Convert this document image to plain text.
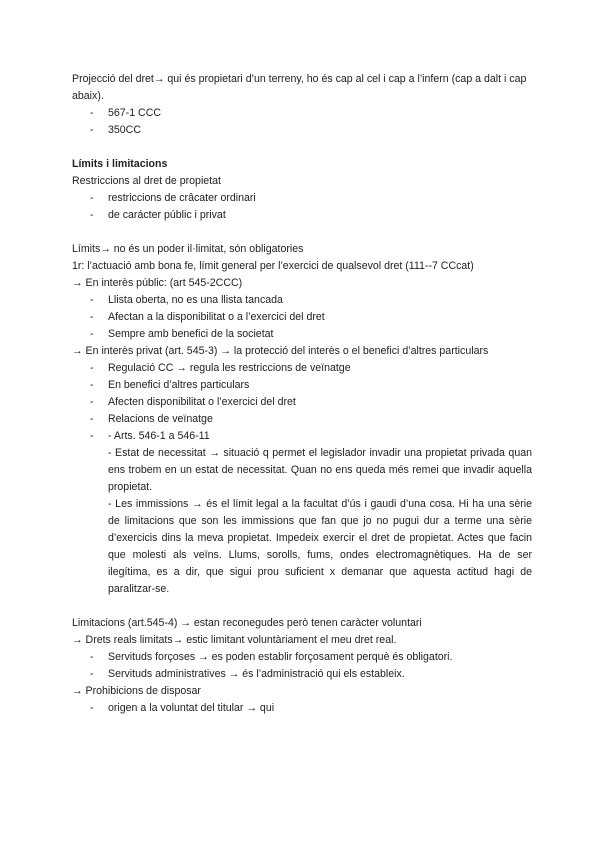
Projecció del dret→ qui és propietari d’un terreny, ho és cap al cel i cap a l’infern (cap a dalt i cap abaix).
- 567-1 CCC
- 350CC
Límits i limitacions
Restriccions al dret de propietat
- restriccions de crâcater ordinari
- de carácter públic i privat
Límits→ no és un poder il·limitat, són obligatories
1r: l’actuació amb bona fe, límit general per l’exercici de qualsevol dret (111--7 CCcat)
→ En interès públic: (art 545-2CCC)
- Llista oberta, no es una llista tancada
- Afectan a la disponibilitat o a l’exercici del dret
- Sempre amb benefici de la societat
→ En interès privat (art. 545-3) → la protecció del interès o el benefici d’altres particulars
- Regulació CC → regula les restriccions de veïnatge
- En benefici d’altres particulars
- Afecten disponibilitat o l’exercici del dret
- Relacions de veïnatge
- - Arts. 546-1 a 546-11
- Estat de necessitat → situació q permet el legislador invadir una propietat privada quan ens trobem en un estat de necessitat. Quan no ens queda més remei que invadir aquella propietat.
- Les immissions → és el límit legal a la facultat d’ús i gaudi d’una cosa. Hi ha una sèrie de limitacions que son les immissions que fan que jo no pugui dur a terme una sèrie d’exercicis dins la meva propietat. Impedeix exercir el dret de propietat. Actes que facin que molesti als veïns. Llums, sorolls, fums, ondes electromagnètiques. Ha de ser ilegítima, es a dir, que sigui prou suficient x demanar que aquesta actitud hagi de paralitzar-se.
Limitacions (art.545-4) → estan reconegudes però tenen caràcter voluntari
→ Drets reals limitats→ estic limitant voluntàriament el meu dret real.
- Servituds forçoses → es poden establir forçosament perquè és obligatori.
- Servituds administratives → és l’administració qui els estableix.
→ Prohibicions de disposar
- origen a la voluntat del titular → qui
